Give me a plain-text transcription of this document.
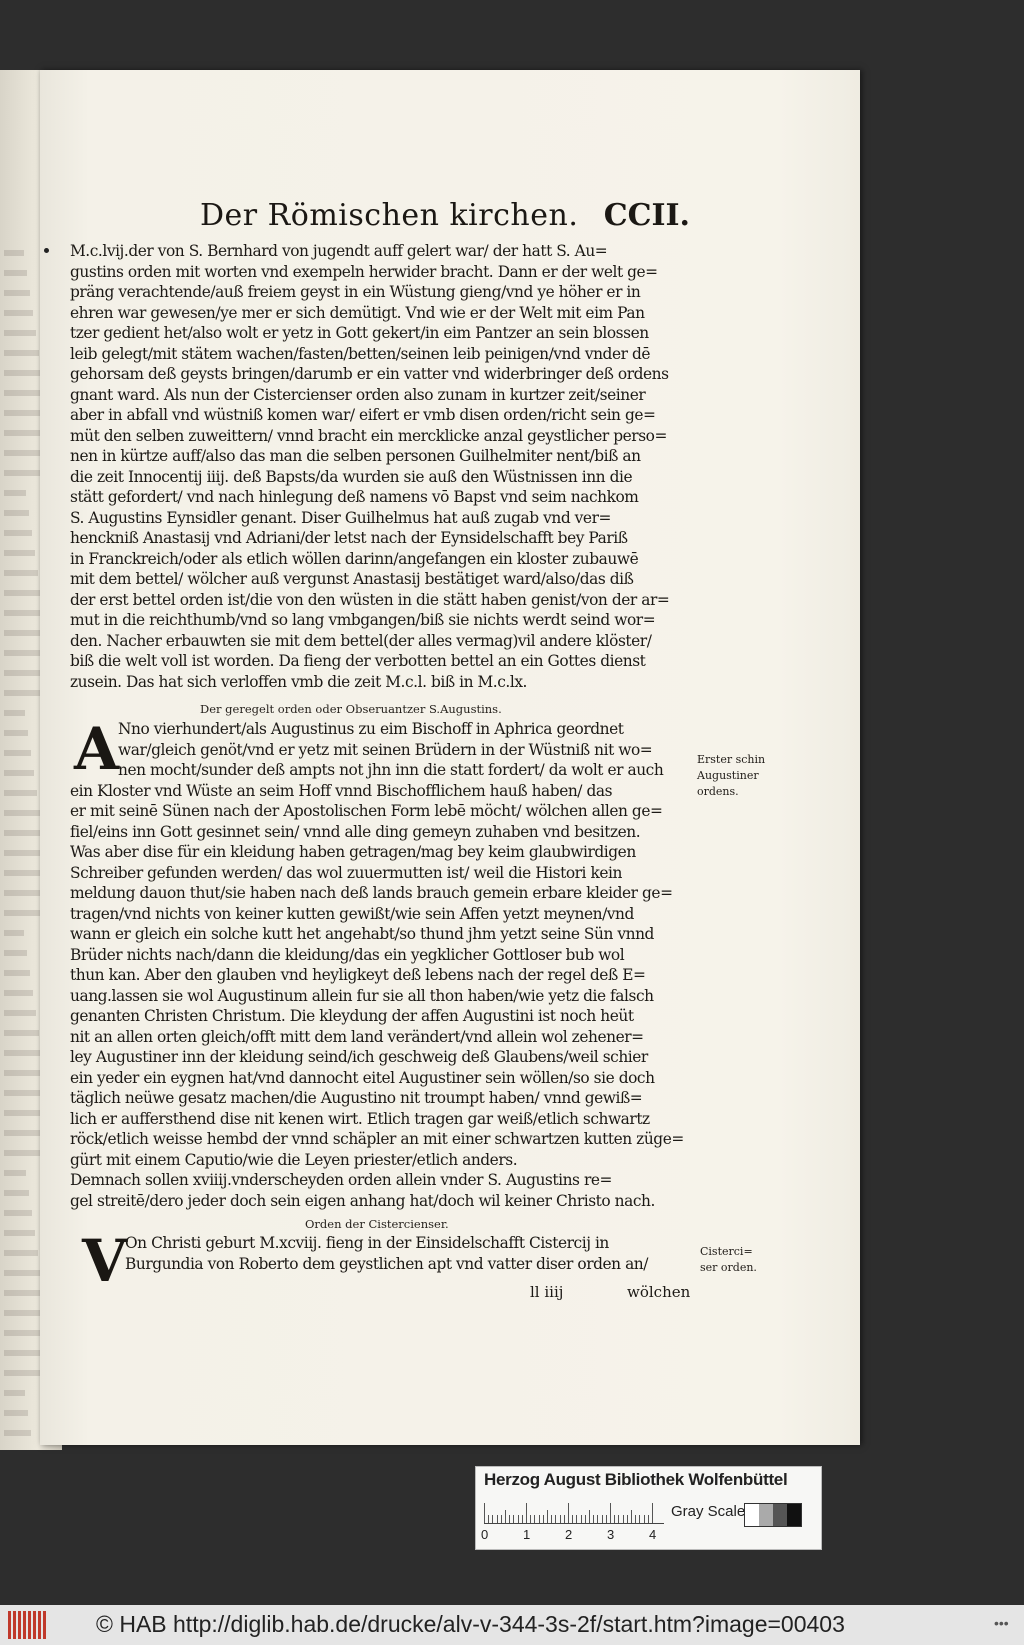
Der Römischen kirchen. CCII.
M.c.lvij.der von S. Bernhard von jugendt auff gelert war/ der hatt S. Au=
gustins orden mit worten vnd exempeln herwider bracht. Dann er der welt ge=
präng verachtende/auß freiem geyst in ein Wüstung gieng/vnd ye höher er in
ehren war gewesen/ye mer er sich demütigt. Vnd wie er der Welt mit eim Pan
tzer gedient het/also wolt er yetz in Gott gekert/in eim Pantzer an sein blossen
leib gelegt/mit stätem wachen/fasten/betten/seinen leib peinigen/vnd vnder dē
gehorsam deß geysts bringen/darumb er ein vatter vnd widerbringer deß ordens
gnant ward. Als nun der Cistercienser orden also zunam in kurtzer zeit/seiner
aber in abfall vnd wüstniß komen war/ eifert er vmb disen orden/richt sein ge=
müt den selben zuweittern/ vnnd bracht ein mercklicke anzal geystlicher perso=
nen in kürtze auff/also das man die selben personen Guilhelmiter nent/biß an
die zeit Innocentij iiij. deß Bapsts/da wurden sie auß den Wüstnissen inn die
stätt gefordert/ vnd nach hinlegung deß namens vō Bapst vnd seim nachkom
S. Augustins Eynsidler genant. Diser Guilhelmus hat auß zugab vnd ver=
henckniß Anastasij vnd Adriani/der letst nach der Eynsidelschafft bey Pariß
in Franckreich/oder als etlich wöllen darinn/angefangen ein kloster zubauwē
mit dem bettel/ wölcher auß vergunst Anastasij bestätiget ward/also/das diß
der erst bettel orden ist/die von den wüsten in die stätt haben genist/von der ar=
mut in die reichthumb/vnd so lang vmbgangen/biß sie nichts werdt seind wor=
den. Nacher erbauwten sie mit dem bettel(der alles vermag)vil andere klöster/
biß die welt voll ist worden. Da fieng der verbotten bettel an ein Gottes dienst
zusein. Das hat sich verloffen vmb die zeit M.c.l. biß in M.c.lx.
Der geregelt orden oder Obseruantzer S.Augustins.
A
Nno vierhundert/als Augustinus zu eim Bischoff in Aphrica geordnet
war/gleich genöt/vnd er yetz mit seinen Brüdern in der Wüstniß nit wo=
nen mocht/sunder deß ampts not jhn inn die statt fordert/ da wolt er auch
ein Kloster vnd Wüste an seim Hoff vnnd Bischofflichem hauß haben/ das
er mit seinē Sünen nach der Apostolischen Form lebē möcht/ wölchen allen ge=
fiel/eins inn Gott gesinnet sein/ vnnd alle ding gemeyn zuhaben vnd besitzen.
Was aber dise für ein kleidung haben getragen/mag bey keim glaubwirdigen
Schreiber gefunden werden/ das wol zuuermutten ist/ weil die Histori kein
meldung dauon thut/sie haben nach deß lands brauch gemein erbare kleider ge=
tragen/vnd nichts von keiner kutten gewißt/wie sein Affen yetzt meynen/vnd
wann er gleich ein solche kutt het angehabt/so thund jhm yetzt seine Sün vnnd
Brüder nichts nach/dann die kleidung/das ein yegklicher Gottloser bub wol
thun kan. Aber den glauben vnd heyligkeyt deß lebens nach der regel deß E=
uang.lassen sie wol Augustinum allein fur sie all thon haben/wie yetz die falsch
genanten Christen Christum. Die kleydung der affen Augustini ist noch heüt
nit an allen orten gleich/offt mitt dem land verändert/vnd allein wol zehener=
ley Augustiner inn der kleidung seind/ich geschweig deß Glaubens/weil schier
ein yeder ein eygnen hat/vnd dannocht eitel Augustiner sein wöllen/so sie doch
täglich neüwe gesatz machen/die Augustino nit troumpt haben/ vnnd gewiß=
lich er auffersthend dise nit kenen wirt. Etlich tragen gar weiß/etlich schwartz
röck/etlich weisse hembd der vnnd schäpler an mit einer schwartzen kutten züge=
gürt mit einem Caputio/wie die Leyen priester/etlich anders.
Demnach sollen xviiij.vnderscheyden orden allein vnder S. Augustins re=
gel streitē/dero jeder doch sein eigen anhang hat/doch wil keiner Christo nach.
Erster schin
Augustiner
ordens.
Orden der Cistercienser.
V
On Christi geburt M.xcviij. fieng in der Einsidelschafft Cistercij in
Burgundia von Roberto dem geystlichen apt vnd vatter diser orden an/
Cisterci=
ser orden.
ll iiij	wölchen
Herzog August Bibliothek Wolfenbüttel
0	1	2	3	4
Gray Scale
© HAB http://diglib.hab.de/drucke/alv-v-344-3s-2f/start.htm?image=00403	•••
